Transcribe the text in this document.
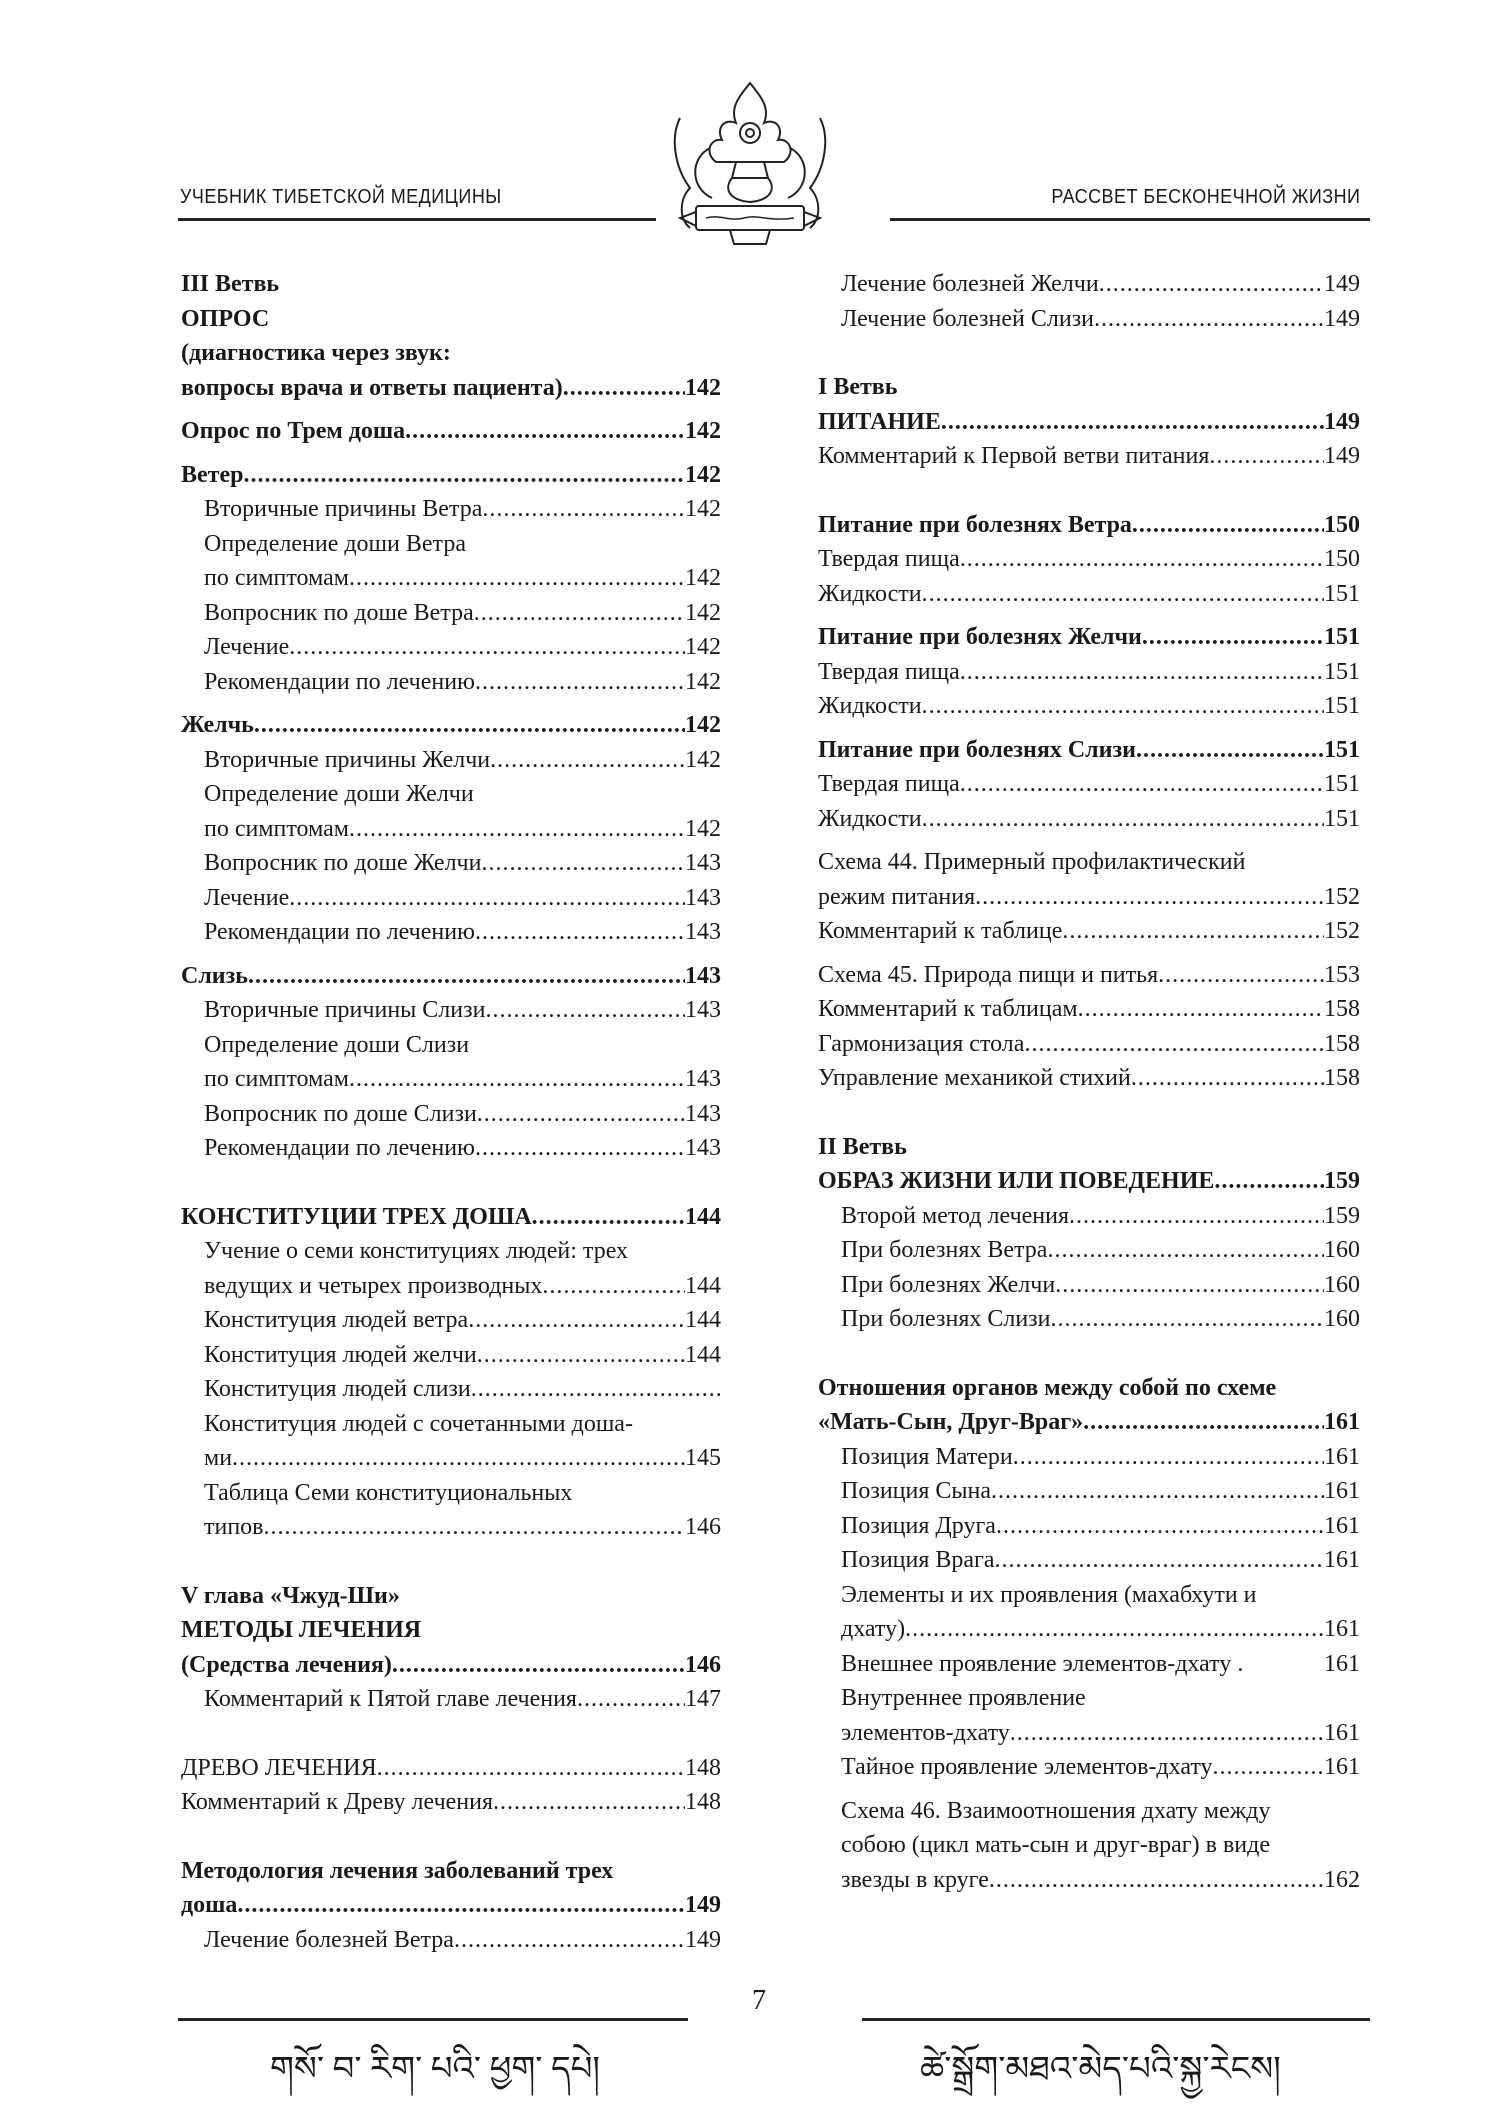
УЧЕБНИК ТИБЕТСКОЙ МЕДИЦИНЫ	РАССВЕТ БЕСКОНЕЧНОЙ ЖИЗНИ
III Ветвь
ОПРОС
(диагностика через звук:
вопросы врача и ответы пациента) .....	142
Опрос по Трем доша .....	142
Ветер .....	142
Вторичные причины Ветра .....	142
Определение доши Ветра
по симптомам .....	142
Вопросник по доше Ветра .....	142
Лечение .....	142
Рекомендации по лечению .....	142
Желчь .....	142
Вторичные причины Желчи .....	142
Определение доши Желчи
по симптомам .....	142
Вопросник по доше Желчи .....	143
Лечение .....	143
Рекомендации по лечению .....	143
Слизь .....	143
Вторичные причины Слизи .....	143
Определение доши Слизи
по симптомам .....	143
Вопросник по доше Слизи .....	143
Рекомендации по лечению .....	143
КОНСТИТУЦИИ ТРЕХ ДОША .....	144
Учение о семи конституциях людей: трех
ведущих и четырех производных .....	144
Конституция людей ветра .....	144
Конституция людей желчи .....	144
Конституция людей слизи
.....
Конституция людей с сочетанными доша-
ми .....	145
Таблица Семи конституциональных
типов .....	146
V глава «Чжуд-Ши»
МЕТОДЫ ЛЕЧЕНИЯ
(Средства лечения) .....	146
Комментарий к Пятой главе лечения .....	147
ДРЕВО ЛЕЧЕНИЯ .....	148
Комментарий к Древу лечения .....	148
Методология лечения заболеваний трех
доша .....	149
Лечение болезней Ветра .....	149
Лечение болезней Желчи .....	149
Лечение болезней Слизи .....	149
I Ветвь
ПИТАНИЕ .....	149
Комментарий к Первой ветви питания .....	149
Питание при болезнях Ветра .....	150
Твердая пища .....	150
Жидкости .....	151
Питание при болезнях Желчи .....	151
Твердая пища .....	151
Жидкости .....	151
Питание при болезнях Слизи .....	151
Твердая пища .....	151
Жидкости .....	151
Схема 44. Примерный профилактический
режим питания .....	152
Комментарий к таблице .....	152
Схема 45. Природа пищи и питья .....	153
Комментарий к таблицам .....	158
Гармонизация стола .....	158
Управление механикой стихий .....	158
II Ветвь
ОБРАЗ ЖИЗНИ ИЛИ ПОВЕДЕНИЕ .....	159
Второй метод лечения .....	159
При болезнях Ветра .....	160
При болезнях Желчи .....	160
При болезнях Слизи .....	160
Отношения органов между собой по схеме
«Мать-Сын, Друг-Враг» .....	161
Позиция Матери .....	161
Позиция Сына .....	161
Позиция Друга .....	161
Позиция Врага .....	161
Элементы и их проявления (махабхути и
дхату) .....	161
Внешнее проявление элементов-дхату .	161
Внутреннее проявление
элементов-дхату .....	161
Тайное проявление элементов-дхату .....	161
Схема 46. Взаимоотношения дхату между
собою (цикл мать-сын и друг-враг) в виде
звезды в круге .....	162
7
གསོ་ བ་ རིག་ པའི་ ཕྱག་ དཔེ།	ཚེ་སྒྲོག་མཐའ་མེད་པའི་སྐྱ་རེངས།
